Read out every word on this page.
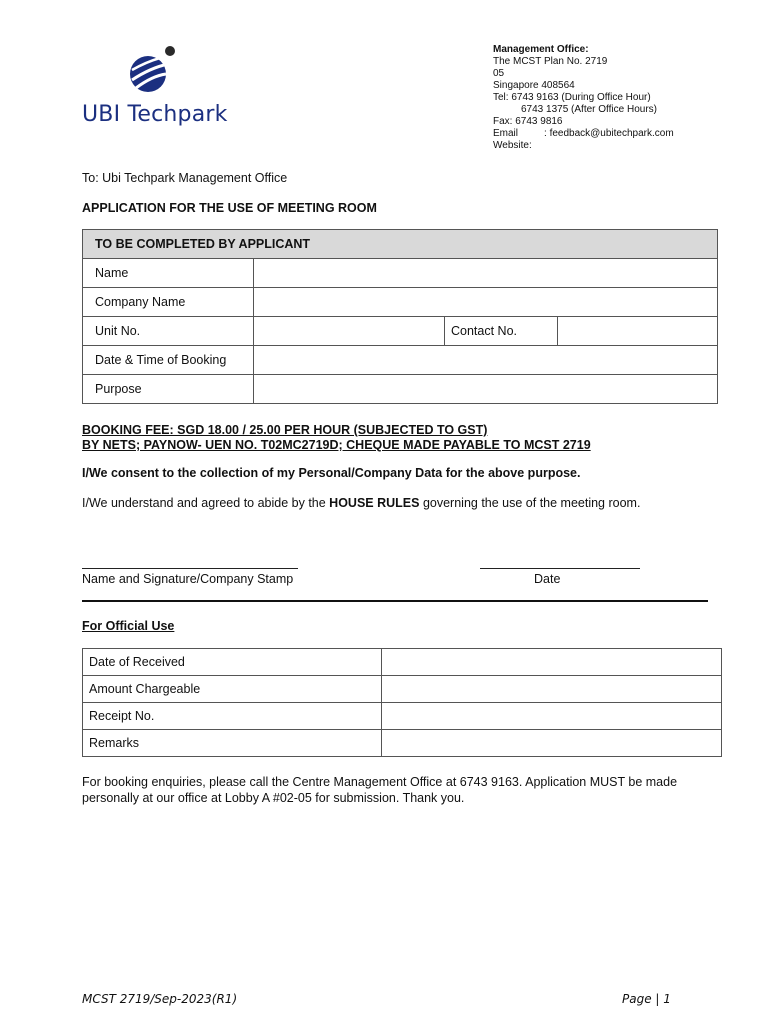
UBI Techpark
Management Office:
The MCST Plan No. 2719
05
Singapore 408564
Tel: 6743 9163 (During Office Hour)
6743 1375 (After Office Hours)
Fax: 6743 9816
Email	: feedback@ubitechpark.com
Website:
To: Ubi Techpark Management Office
APPLICATION FOR THE USE OF MEETING ROOM
TO BE COMPLETED BY APPLICANT			
Name			
Company Name			
Unit No.		Contact No.	
Date & Time of Booking			
Purpose			
BOOKING FEE: SGD 18.00 / 25.00 PER HOUR (SUBJECTED TO GST)
BY NETS; PAYNOW- UEN NO. T02MC2719D; CHEQUE MADE PAYABLE TO MCST 2719
I/We consent to the collection of my Personal/Company Data for the above purpose.
I/We understand and agreed to abide by the HOUSE RULES governing the use of the meeting room.
Name and Signature/Company Stamp	Date
For Official Use
Date of Received	
Amount Chargeable	
Receipt No.	
Remarks	
For booking enquiries, please call the Centre Management Office at 6743 9163. Application MUST be made personally at our office at Lobby A #02-05 for submission. Thank you.
MCST 2719/Sep-2023(R1)	Page | 1
